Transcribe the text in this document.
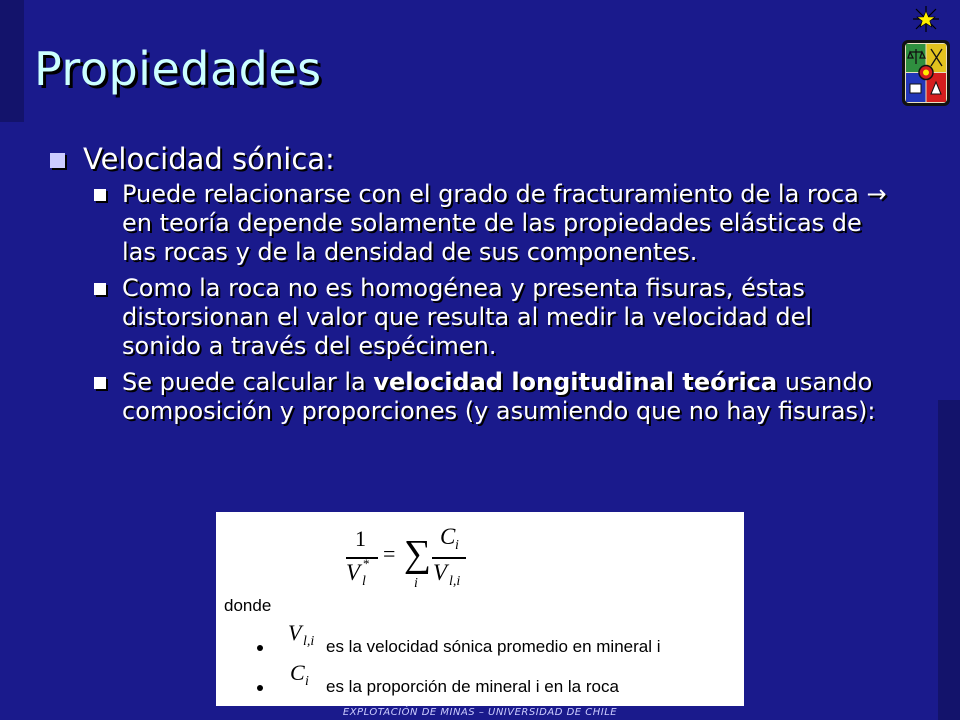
Propiedades
Velocidad sónica:
Puede relacionarse con el grado de fracturamiento de la roca → en teoría depende solamente de las propiedades elásticas de las rocas y de la densidad de sus componentes.
Como la roca no es homogénea y presenta fisuras, éstas distorsionan el valor que resulta al medir la velocidad del sonido a través del espécimen.
Se puede calcular la velocidad longitudinal teórica usando composición y proporciones (y asumiendo que no hay fisuras):
1
V l
* = ∑
i
C i
V l,i
donde
V l,i es la velocidad sónica promedio en mineral i
C i es la proporción de mineral i en la roca
EXPLOTACIÓN DE MINAS – UNIVERSIDAD DE CHILE
